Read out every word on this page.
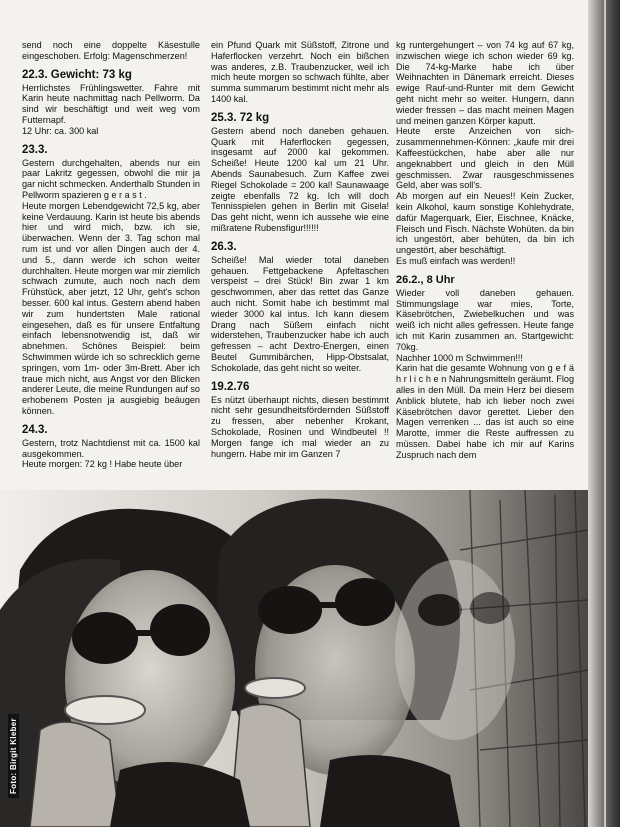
send noch eine doppelte Käsestulle eingeschoben. Erfolg: Magenschmerzen!

22.3. Gewicht: 73 kg

Herrlichstes Frühlingswetter. Fahre mit Karin heute nachmittag nach Pellworm. Da sind wir beschäftigt und weit weg vom Futternapf.
12 Uhr: ca. 300 kal

23.3.

Gestern durchgehalten, abends nur ein paar Lakritz gegessen, obwohl die mir ja gar nicht schmecken. Anderthalb Stunden in Pellworm spazieren g e r a s t .
Heute morgen Lebendgewicht 72,5 kg, aber keine Verdauung. Karin ist heute bis abends hier und wird mich, bzw. ich sie, überwachen. Wenn der 3. Tag schon mal rum ist und vor allen Dingen auch der 4. und 5., dann werde ich schon weiter durchhalten. Heute morgen war mir ziemlich schwach zumute, auch noch nach dem Frühstück, aber jetzt, 12 Uhr, geht's schon besser. 600 kal intus. Gestern abend haben wir zum hundertsten Male rational eingesehen, daß es für unsere Entfaltung einfach lebensnotwendig ist, daß wir abnehmen. Schönes Beispiel: beim Schwimmen würde ich so schrecklich gerne springen, vom 1m- oder 3m-Brett. Aber ich traue mich nicht, aus Angst vor den Blicken anderer Leute, die meine Rundungen auf so erhobenem Posten ja ausgiebig beäugen können.

24.3.

Gestern, trotz Nachtdienst mit ca. 1500 kal ausgekommen.
Heute morgen: 72 kg ! Habe heute über

ein Pfund Quark mit Süßstoff, Zitrone und Haferflocken verzehrt. Noch ein bißchen was anderes, z.B. Traubenzucker, weil ich mich heute morgen so schwach fühlte, aber summa summarum bestimmt nicht mehr als 1400 kal.

25.3. 72 kg

Gestern abend noch daneben gehauen. Quark mit Haferflocken gegessen, insgesamt auf 2000 kal gekommen. Scheiße! Heute 1200 kal um 21 Uhr. Abends Saunabesuch. Zum Kaffee zwei Riegel Schokolade = 200 kal! Saunawaage zeigte ebenfalls 72 kg. Ich will doch Tennisspielen gehen in Berlin mit Gisela! Das geht nicht, wenn ich aussehe wie eine mißratene Rubensfigur!!!!!!

26.3.

Scheiße! Mal wieder total daneben gehauen. Fettgebackene Apfeltaschen verspeist – drei Stück! Bin zwar 1 km geschwommen, aber das rettet das Ganze auch nicht. Somit habe ich bestimmt mal wieder 3000 kal intus. Ich kann diesem Drang nach Süßem einfach nicht widerstehen, Traubenzucker habe ich auch gefressen – acht Dextro-Energen, einen Beutel Gummibärchen, Hipp-Obstsalat, Schokolade, das geht nicht so weiter.

19.2.76

Es nützt überhaupt nichts, diesen bestimmt nicht sehr gesundheitsfördernden Süßstoff zu fressen, aber nebenher Krokant, Schokolade, Rosinen und Windbeutel !! Morgen fange ich mal wieder an zu hungern. Habe mir im Ganzen 7

kg runtergehungert – von 74 kg auf 67 kg, inzwischen wiege ich schon wieder 69 kg. Die 74-kg-Marke habe ich über Weihnachten in Dänemark erreicht. Dieses ewige Rauf-und-Runter mit dem Gewicht geht nicht mehr so weiter. Hungern, dann wieder fressen – das macht meinen Magen und meinen ganzen Körper kaputt.
Heute erste Anzeichen von sich-zusammennehmen-Können: „kaufe mir drei Kaffeestückchen, habe aber alle nur angeknabbert und gleich in den Müll geschmissen. Zwar rausgeschmissenes Geld, aber was soll's.
Ab morgen auf ein Neues!! Kein Zucker, kein Alkohol, kaum sonstige Kohlehydrate, dafür Magerquark, Eier, Eischnee, Knäcke, Fleisch und Fisch. Nächste Wohüten. da bin ich ungestört, aber behüten, da bin ich ungestört, aber beschäftigt.
Es muß einfach was werden!!

26.2., 8 Uhr

Wieder voll daneben gehauen. Stimmungslage war mies, Torte, Käsebrötchen, Zwiebelkuchen und was weiß ich nicht alles gefressen. Heute fange ich mit Karin zusammen an. Startgewicht: 70kg.
Nachher 1000 m Schwimmen!!!
Karin hat die gesamte Wohnung von g e f ä h r l i c h e n Nahrungsmitteln geräumt. Flog alles in den Müll. Da mein Herz bei diesem Anblick blutete, hab ich lieber noch zwei Käsebrötchen davor gerettet. Lieber den Magen verrenken ... das ist auch so eine Marotte, immer die Reste auffressen zu müssen. Dabei habe ich mir auf Karins Zuspruch nach dem

Foto: Birgit Kleber
